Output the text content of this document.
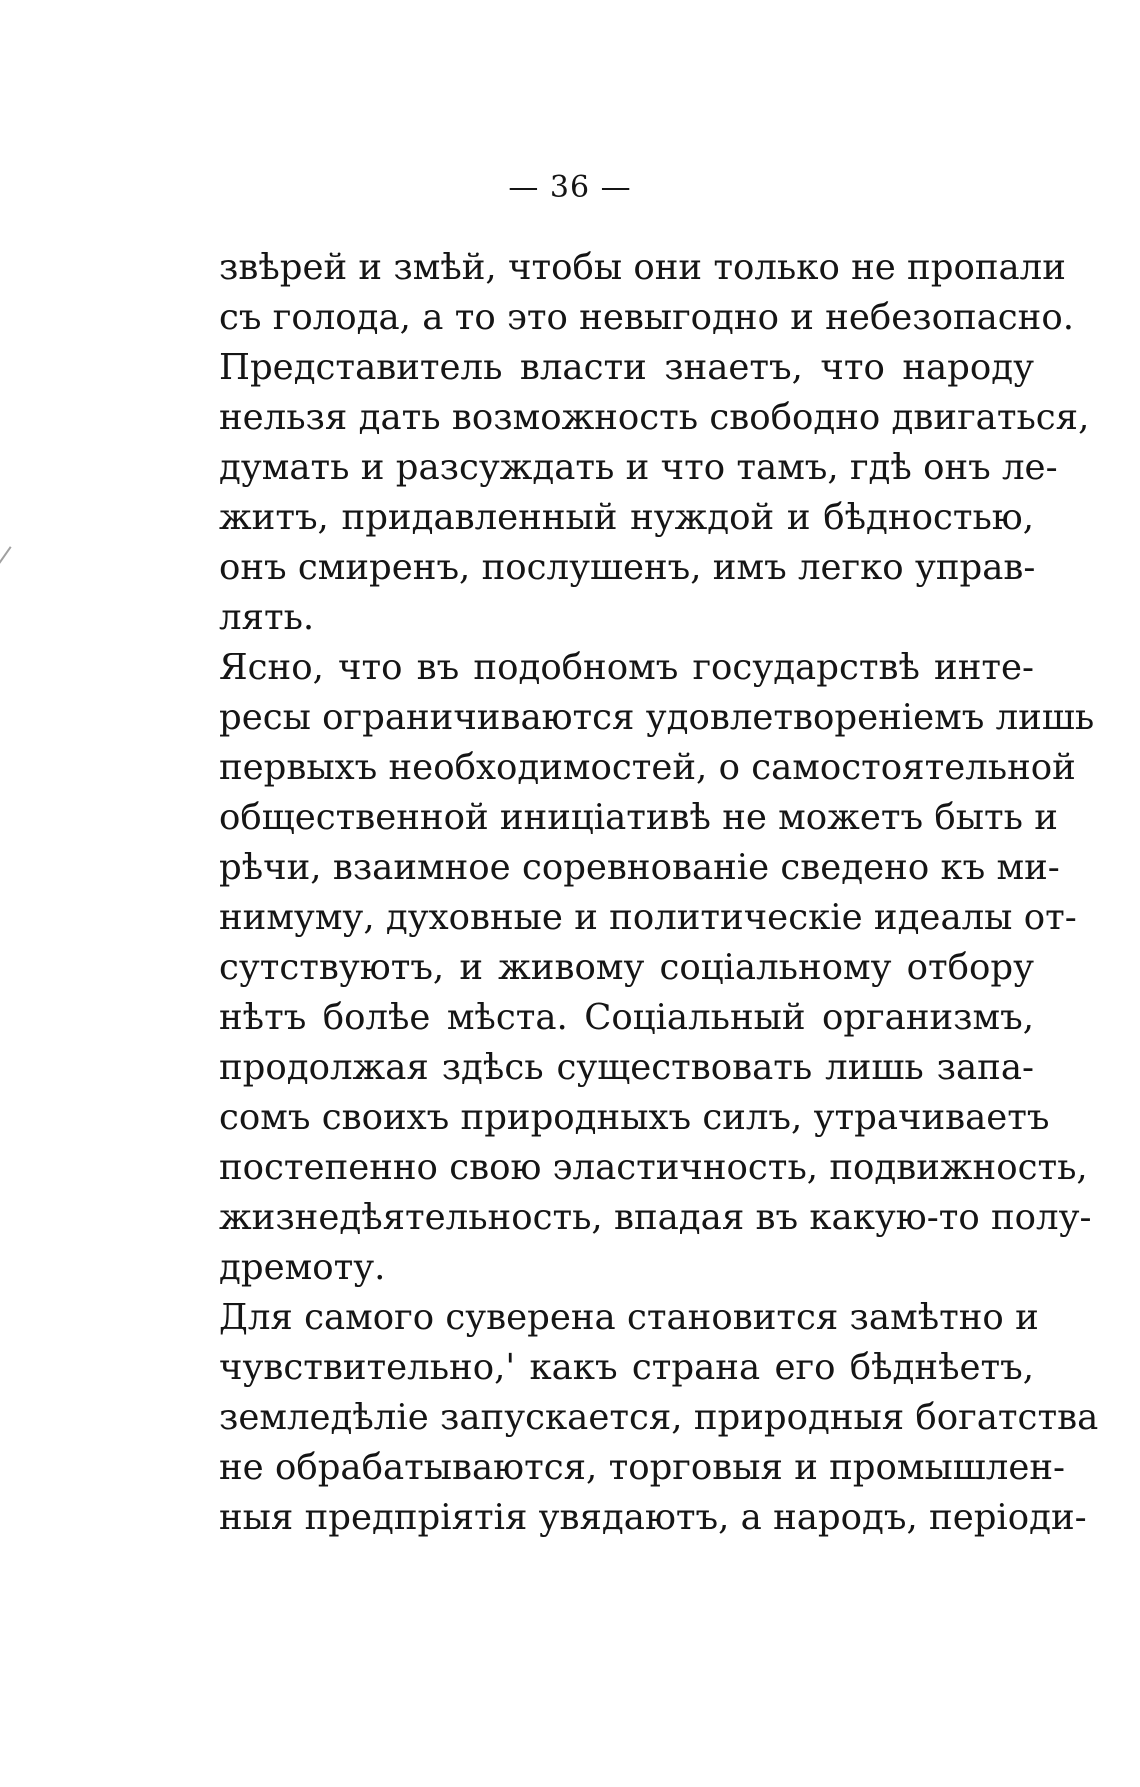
— 36 —
звѣрей и змѣй, чтобы они только не пропали
съ голода, а то это невыгодно и небезопасно.
Представитель власти знаетъ, что народу
нельзя дать возможность свободно двигаться,
думать и разсуждать и что тамъ, гдѣ онъ ле-
житъ, придавленный нуждой и бѣдностью,
онъ смиренъ, послушенъ, имъ легко управ-
лять.
Ясно, что въ подобномъ государствѣ инте-
ресы ограничиваются удовлетвореніемъ лишь
первыхъ необходимостей, о самостоятельной
общественной иниціативѣ не можетъ быть и
рѣчи, взаимное соревнованіе сведено къ ми-
нимуму, духовные и политическіе идеалы от-
сутствуютъ, и живому соціальному отбору
нѣтъ болѣе мѣста. Соціальный организмъ,
продолжая здѣсь существовать лишь запа-
сомъ своихъ природныхъ силъ, утрачиваетъ
постепенно свою эластичность, подвижность,
жизнедѣятельность, впадая въ какую-то полу-
дремоту.
Для самого суверена становится замѣтно и
чувствительно,' какъ страна его бѣднѣетъ,
земледѣліе запускается, природныя богатства
не обрабатываются, торговыя и промышлен-
ныя предпріятія увядаютъ, а народъ, періоди-
